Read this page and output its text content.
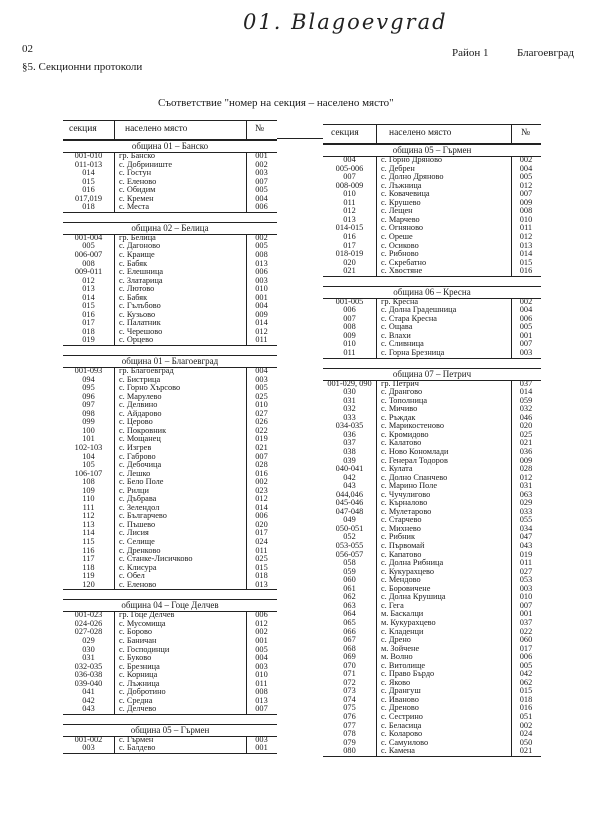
01. Blagoevgrad
02	Район 1	Благоевград
§5. Секционни протоколи
Съответствие "номер на секция – населено място"
секция	населено място	№
община 01 – Банско
001-010	гр. Банско	001
011-013	с. Добриниште	002
014	с. Гостун	003
015	с. Еленово	007
016	с. Обидим	005
017,019	с. Кремен	004
018	с. Места	006
община 02 – Белица
001-004	гр. Белица	002
005	с. Дагоново	005
006-007	с. Краище	008
008	с. Бабяк	013
009-011	с. Елешница	006
012	с. Златарица	003
013	с. Лютово	010
014	с. Бабяк	001
015	с. Гълъбово	004
016	с. Кузьово	009
017	с. Палатник	014
018	с. Черешово	012
019	с. Орцево	011
община 01 – Благоевград
001-093	гр. Благоевград	004
094	с. Бистрица	003
095	с. Горно Хърсово	005
096	с. Марулево	025
097	с. Делвино	010
098	с. Айдарово	027
099	с. Церово	026
100	с. Покровник	022
101	с. Мощанец	019
102-103	с. Изгрев	021
104	с. Габрово	007
105	с. Дебочица	028
106-107	с. Лешко	016
108	с. Бело Поле	002
109	с. Рилци	023
110	с. Дъбрава	012
111	с. Зелендол	014
112	с. Българчево	006
113	с. Пъшево	020
114	с. Лисия	017
115	с. Селище	024
116	с. Дренково	011
117	с. Станке-Лисичково	025
118	с. Клисура	015
119	с. Обел	018
120	с. Еленово	013
община 04 – Гоце Делчев
001-023	гр. Гоце Делчев	006
024-026	с. Мусомища	012
027-028	с. Борово	002
029	с. Баничан	001
030	с. Господинци	005
031	с. Буково	004
032-035	с. Брезница	003
036-038	с. Корница	010
039-040	с. Лъжница	011
041	с. Добротино	008
042	с. Средна	013
043	с. Делчево	007
община 05 – Гърмен
001-002	с. Гърмен	003
003	с. Балдево	001
секция	населено място	№
община 05 – Гърмен
004	с. Горно Дряново	002
005-006	с. Дебрен	004
007	с. Долно Дряново	005
008-009	с. Лъжница	012
010	с. Ковачевица	007
011	с. Крушево	009
012	с. Лещен	008
013	с. Марчево	010
014-015	с. Огняново	011
016	с. Ореше	012
017	с. Осиково	013
018-019	с. Рибново	014
020	с. Скребатно	015
021	с. Хвостяне	016
община 06 – Кресна
001-005	гр. Кресна	002
006	с. Долна Градешница	004
007	с. Стара Кресна	006
008	с. Ощава	005
009	с. Влахи	001
010	с. Сливница	007
011	с. Горна Брезница	003
община 07 – Петрич
001-029, 090	гр. Петрич	037
030	с. Дрангово	014
031	с. Тополница	059
032	с. Мичиво	032
033	с. Ръждак	046
034-035	с. Марикостеново	020
036	с. Кромидово	025
037	с. Калатово	021
038	с. Ново Кономлади	036
039	с. Генерал Тодоров	009
040-041	с. Кулата	028
042	с. Долно Спанчево	012
043	с. Марино Поле	031
044,046	с. Чучулигово	063
045-046	с. Кърналово	029
047-048	с. Мулетарово	033
049	с. Старчево	055
050-051	с. Михнево	034
052	с. Рибник	047
053-055	с. Първомай	043
056-057	с. Капатово	019
058	с. Долна Рибница	011
059	с. Кукурахцево	027
060	с. Мендово	053
061	с. Боровичене	003
062	с. Долна Крушица	010
063	с. Гега	007
064	м. Баскалци	001
065	м. Кукурахцево	037
066	с. Кладенци	022
067	с. Дрено	060
068	м. Зойчене	017
069	м. Волно	006
070	с. Витолище	005
071	с. Право Бърдо	042
072	с. Яково	062
073	с. Дрангуш	015
074	с. Иваново	018
075	с. Дреново	016
076	с. Сестрино	051
077	с. Беласица	002
078	с. Коларово	024
079	с. Самуилово	050
080	с. Камена	021
